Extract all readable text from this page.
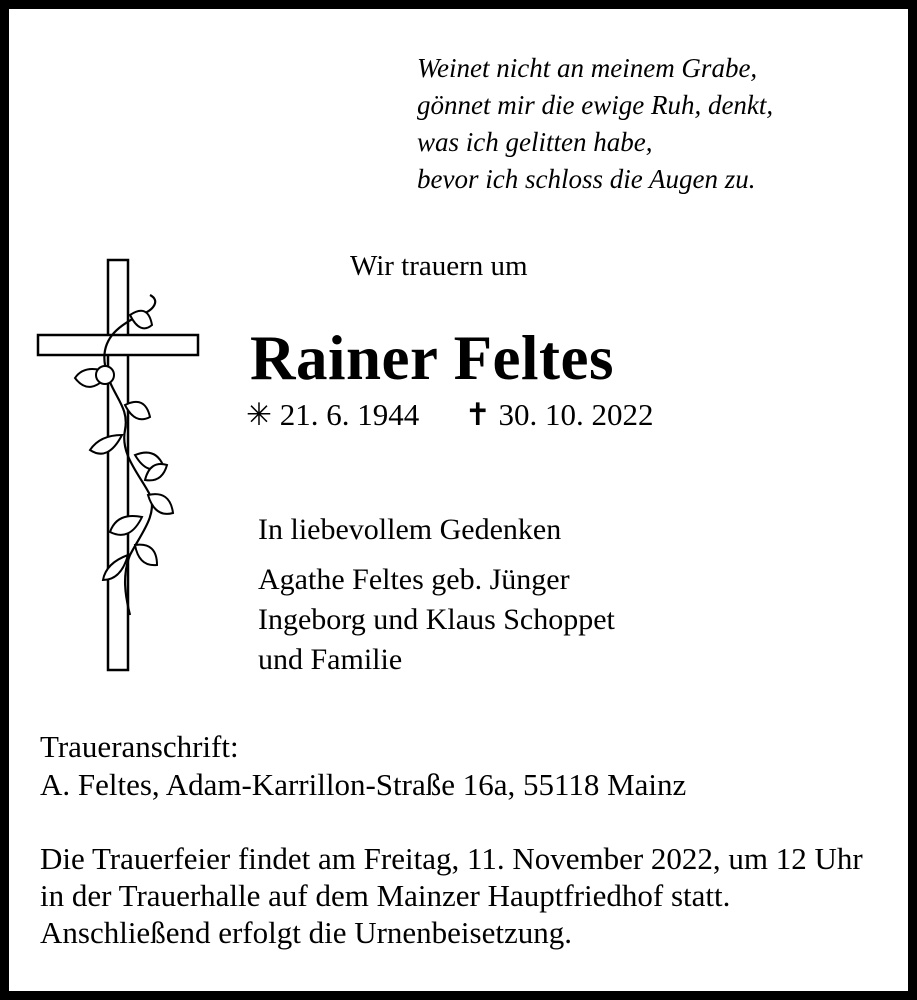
Weinet nicht an meinem Grabe,
gönnet mir die ewige Ruh, denkt,
was ich gelitten habe,
bevor ich schloss die Augen zu.
Wir trauern um
Rainer Feltes
✳ 21. 6. 1944 ✝ 30. 10. 2022
In liebevollem Gedenken
Agathe Feltes geb. Jünger
Ingeborg und Klaus Schoppet
und Familie
Traueranschrift:
A. Feltes, Adam-Karrillon-Straße 16a, 55118 Mainz
Die Trauerfeier findet am Freitag, 11. November 2022, um 12 Uhr in der Trauerhalle auf dem Mainzer Hauptfriedhof statt. Anschließend erfolgt die Urnenbeisetzung.
